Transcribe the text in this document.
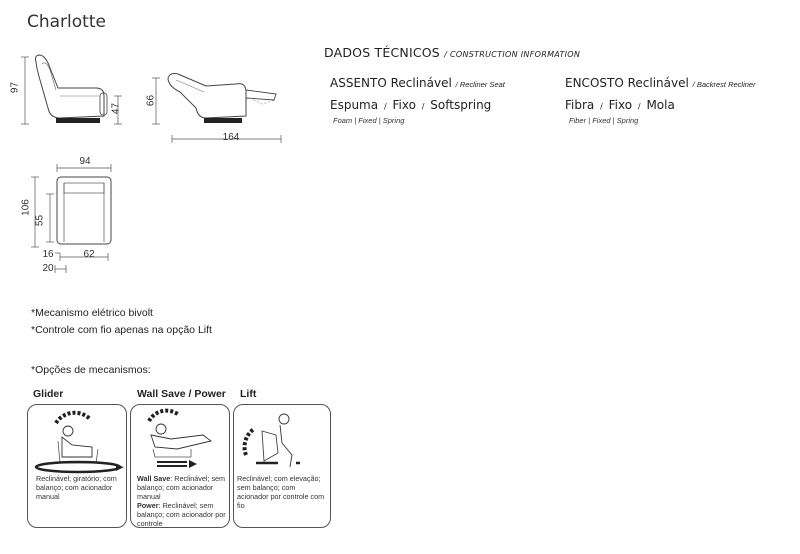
Charlotte
97
47
66
164
94
106
55
62
16
20
DADOS TÉCNICOS / CONSTRUCTION INFORMATION
ASSENTO Reclinável / Recliner Seat
Espuma / Fixo / Softspring
Foam | Fixed | Spring
ENCOSTO Reclinável / Backrest Recliner
Fibra / Fixo / Mola
Fiber | Fixed | Spring
*Mecanismo elétrico bivolt
*Controle com fio apenas na opção Lift
*Opções de mecanismos:
Glider	Wall Save / Power Lift
Reclinável; giratório; com balanço; com acionador manual
Wall Save: Reclinável; sem balanço; com acionador manual
Power: Reclinável; sem balanço; com acionador por controle
Reclinável; com elevação; sem balanço; com acionador por controle com fio
